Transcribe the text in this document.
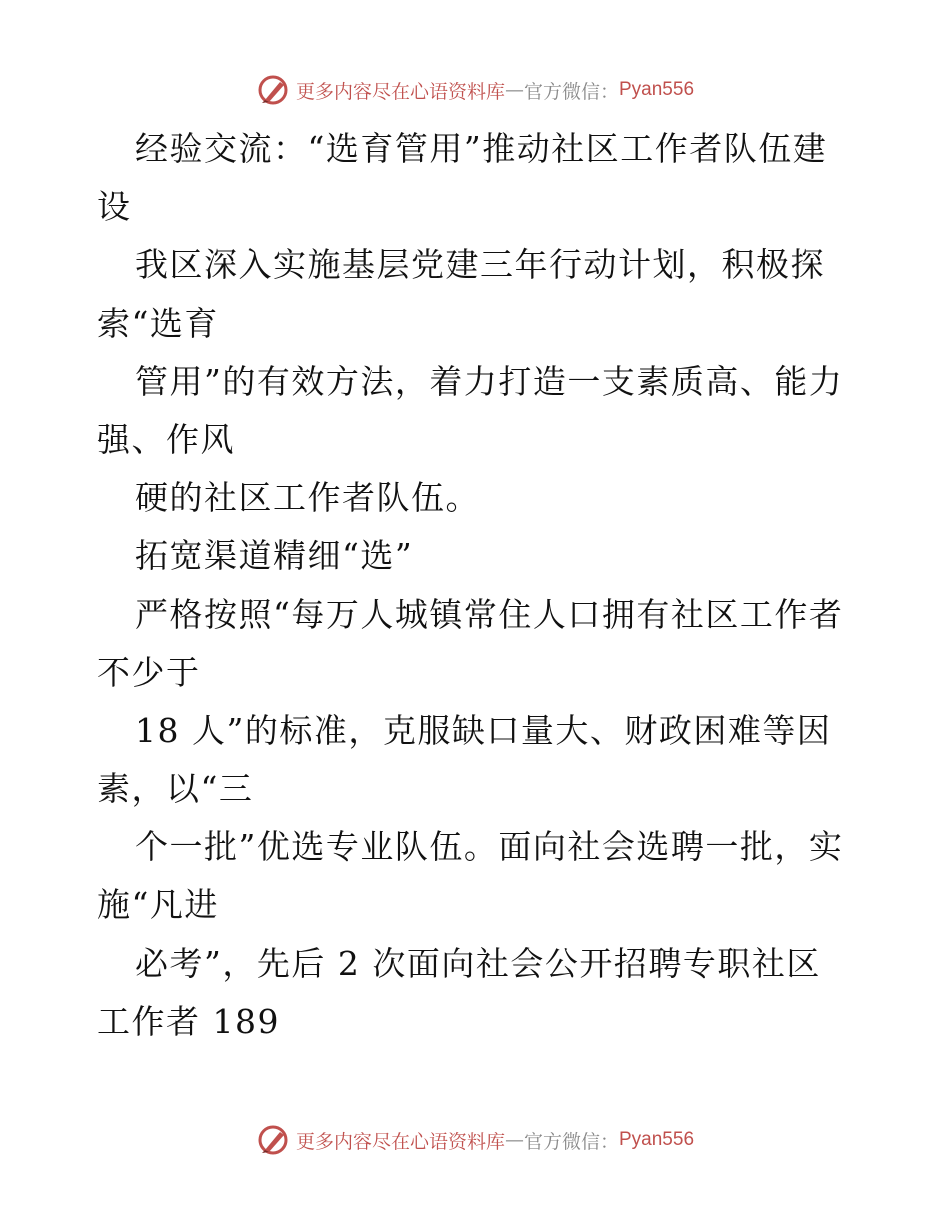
更多内容尽在心语资料库 — 官方微信： Pyan556
经验交流：“选育管用”推动社区工作者队伍建
设
我区深入实施基层党建三年行动计划，积极探
索“选育
管用”的有效方法，着力打造一支素质高、能力
强、作风
硬的社区工作者队伍。
拓宽渠道精细“选”
严格按照“每万人城镇常住人口拥有社区工作者
不少于
18 人”的标准，克服缺口量大、财政困难等因
素，以“三
个一批”优选专业队伍。面向社会选聘一批，实
施“凡进
必考”，先后 2 次面向社会公开招聘专职社区
工作者 189
更多内容尽在心语资料库 — 官方微信： Pyan556
